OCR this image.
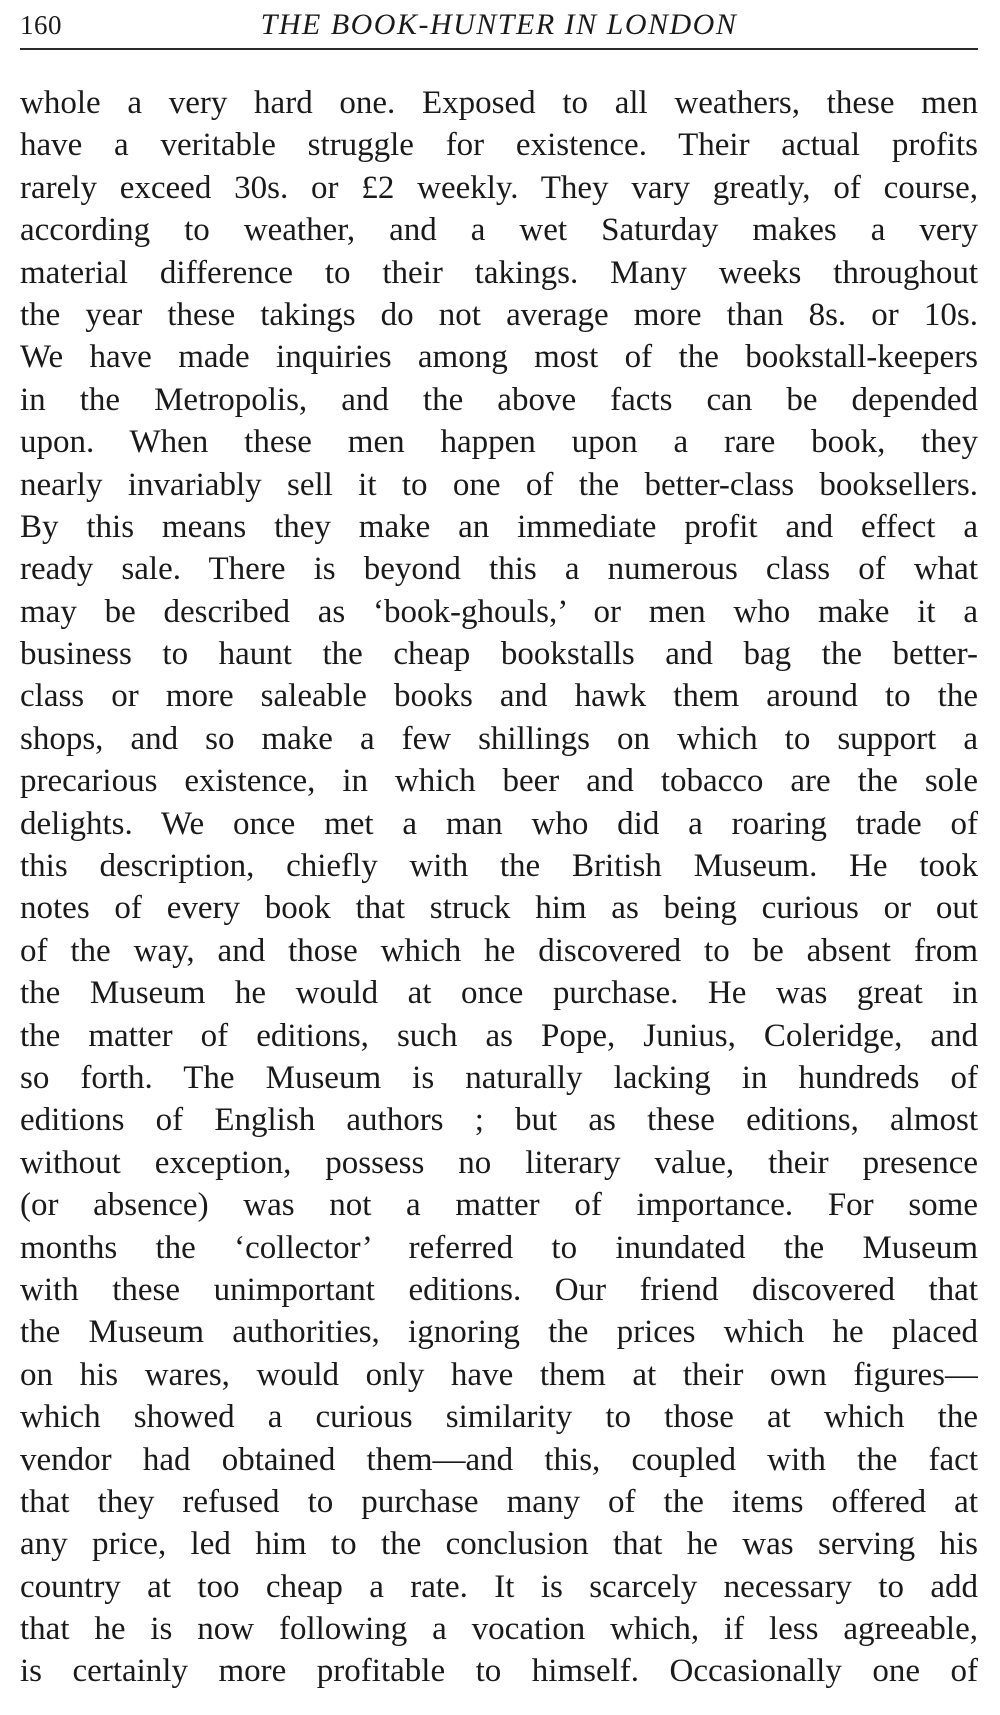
160	THE BOOK-HUNTER IN LONDON
whole a very hard one. Exposed to all weathers, these men
have a veritable struggle for existence. Their actual profits
rarely exceed 30s. or £2 weekly. They vary greatly, of course,
according to weather, and a wet Saturday makes a very
material difference to their takings. Many weeks throughout
the year these takings do not average more than 8s. or 10s.
We have made inquiries among most of the bookstall-keepers
in the Metropolis, and the above facts can be depended
upon. When these men happen upon a rare book, they
nearly invariably sell it to one of the better-class booksellers.
By this means they make an immediate profit and effect a
ready sale. There is beyond this a numerous class of what
may be described as ‘book-ghouls,’ or men who make it a
business to haunt the cheap bookstalls and bag the better-
class or more saleable books and hawk them around to the
shops, and so make a few shillings on which to support a
precarious existence, in which beer and tobacco are the sole
delights. We once met a man who did a roaring trade of
this description, chiefly with the British Museum. He took
notes of every book that struck him as being curious or out
of the way, and those which he discovered to be absent from
the Museum he would at once purchase. He was great in
the matter of editions, such as Pope, Junius, Coleridge, and
so forth. The Museum is naturally lacking in hundreds of
editions of English authors ; but as these editions, almost
without exception, possess no literary value, their presence
(or absence) was not a matter of importance. For some
months the ‘collector’ referred to inundated the Museum
with these unimportant editions. Our friend discovered that
the Museum authorities, ignoring the prices which he placed
on his wares, would only have them at their own figures—
which showed a curious similarity to those at which the
vendor had obtained them—and this, coupled with the fact
that they refused to purchase many of the items offered at
any price, led him to the conclusion that he was serving his
country at too cheap a rate. It is scarcely necessary to add
that he is now following a vocation which, if less agreeable,
is certainly more profitable to himself. Occasionally one of
